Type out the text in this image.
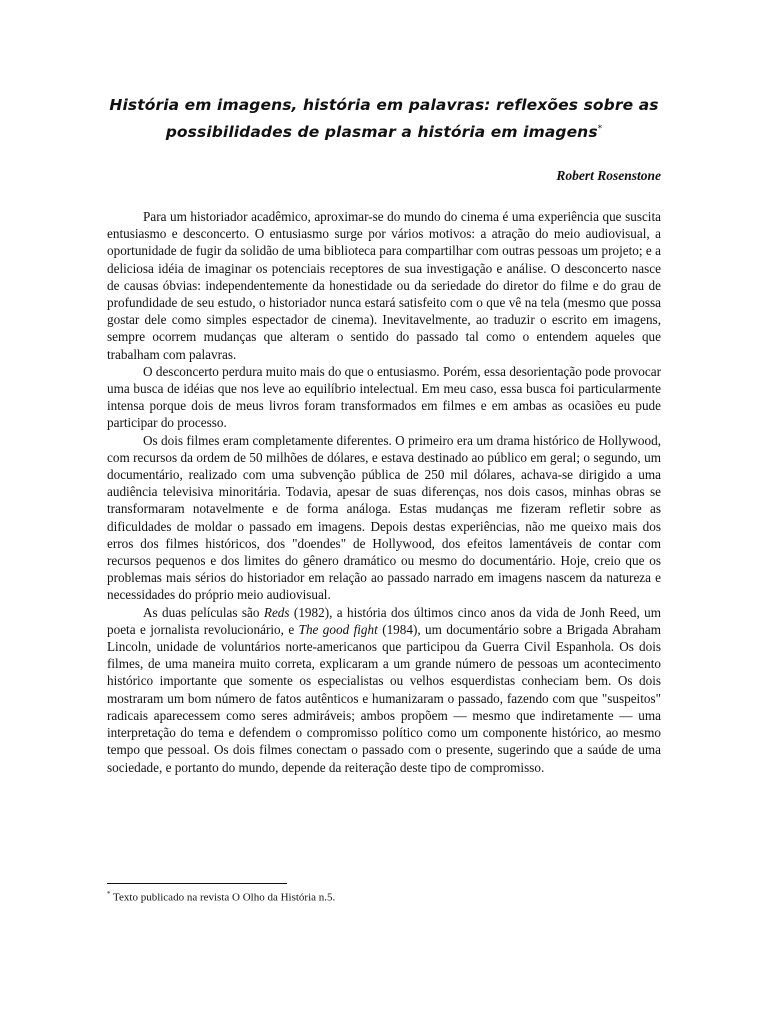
História em imagens, história em palavras: reflexões sobre as
possibilidades de plasmar a história em imagens*
Robert Rosenstone

Para um historiador acadêmico, aproximar-se do mundo do cinema é uma experiência que suscita entusiasmo e desconcerto. O entusiasmo surge por vários motivos: a atração do meio audiovisual, a oportunidade de fugir da solidão de uma biblioteca para compartilhar com outras pessoas um projeto; e a deliciosa idéia de imaginar os potenciais receptores de sua investigação e análise. O desconcerto nasce de causas óbvias: independentemente da honestidade ou da seriedade do diretor do filme e do grau de profundidade de seu estudo, o historiador nunca estará satisfeito com o que vê na tela (mesmo que possa gostar dele como simples espectador de cinema). Inevitavelmente, ao traduzir o escrito em imagens, sempre ocorrem mudanças que alteram o sentido do passado tal como o entendem aqueles que trabalham com palavras.

O desconcerto perdura muito mais do que o entusiasmo. Porém, essa desorientação pode provocar uma busca de idéias que nos leve ao equilíbrio intelectual. Em meu caso, essa busca foi particularmente intensa porque dois de meus livros foram transformados em filmes e em ambas as ocasiões eu pude participar do processo.

Os dois filmes eram completamente diferentes. O primeiro era um drama histórico de Hollywood, com recursos da ordem de 50 milhões de dólares, e estava destinado ao público em geral; o segundo, um documentário, realizado com uma subvenção pública de 250 mil dólares, achava-se dirigido a uma audiência televisiva minoritária. Todavia, apesar de suas diferenças, nos dois casos, minhas obras se transformaram notavelmente e de forma análoga. Estas mudanças me fizeram refletir sobre as dificuldades de moldar o passado em imagens. Depois destas experiências, não me queixo mais dos erros dos filmes históricos, dos "doendes" de Hollywood, dos efeitos lamentáveis de contar com recursos pequenos e dos limites do gênero dramático ou mesmo do documentário. Hoje, creio que os problemas mais sérios do historiador em relação ao passado narrado em imagens nascem da natureza e necessidades do próprio meio audiovisual.

As duas películas são Reds (1982), a história dos últimos cinco anos da vida de Jonh Reed, um poeta e jornalista revolucionário, e The good fight (1984), um documentário sobre a Brigada Abraham Lincoln, unidade de voluntários norte-americanos que participou da Guerra Civil Espanhola. Os dois filmes, de uma maneira muito correta, explicaram a um grande número de pessoas um acontecimento histórico importante que somente os especialistas ou velhos esquerdistas conheciam bem. Os dois mostraram um bom número de fatos autênticos e humanizaram o passado, fazendo com que "suspeitos" radicais aparecessem como seres admiráveis; ambos propõem — mesmo que indiretamente — uma interpretação do tema e defendem o compromisso político como um componente histórico, ao mesmo tempo que pessoal. Os dois filmes conectam o passado com o presente, sugerindo que a saúde de uma sociedade, e portanto do mundo, depende da reiteração deste tipo de compromisso.

* Texto publicado na revista O Olho da História n.5.
